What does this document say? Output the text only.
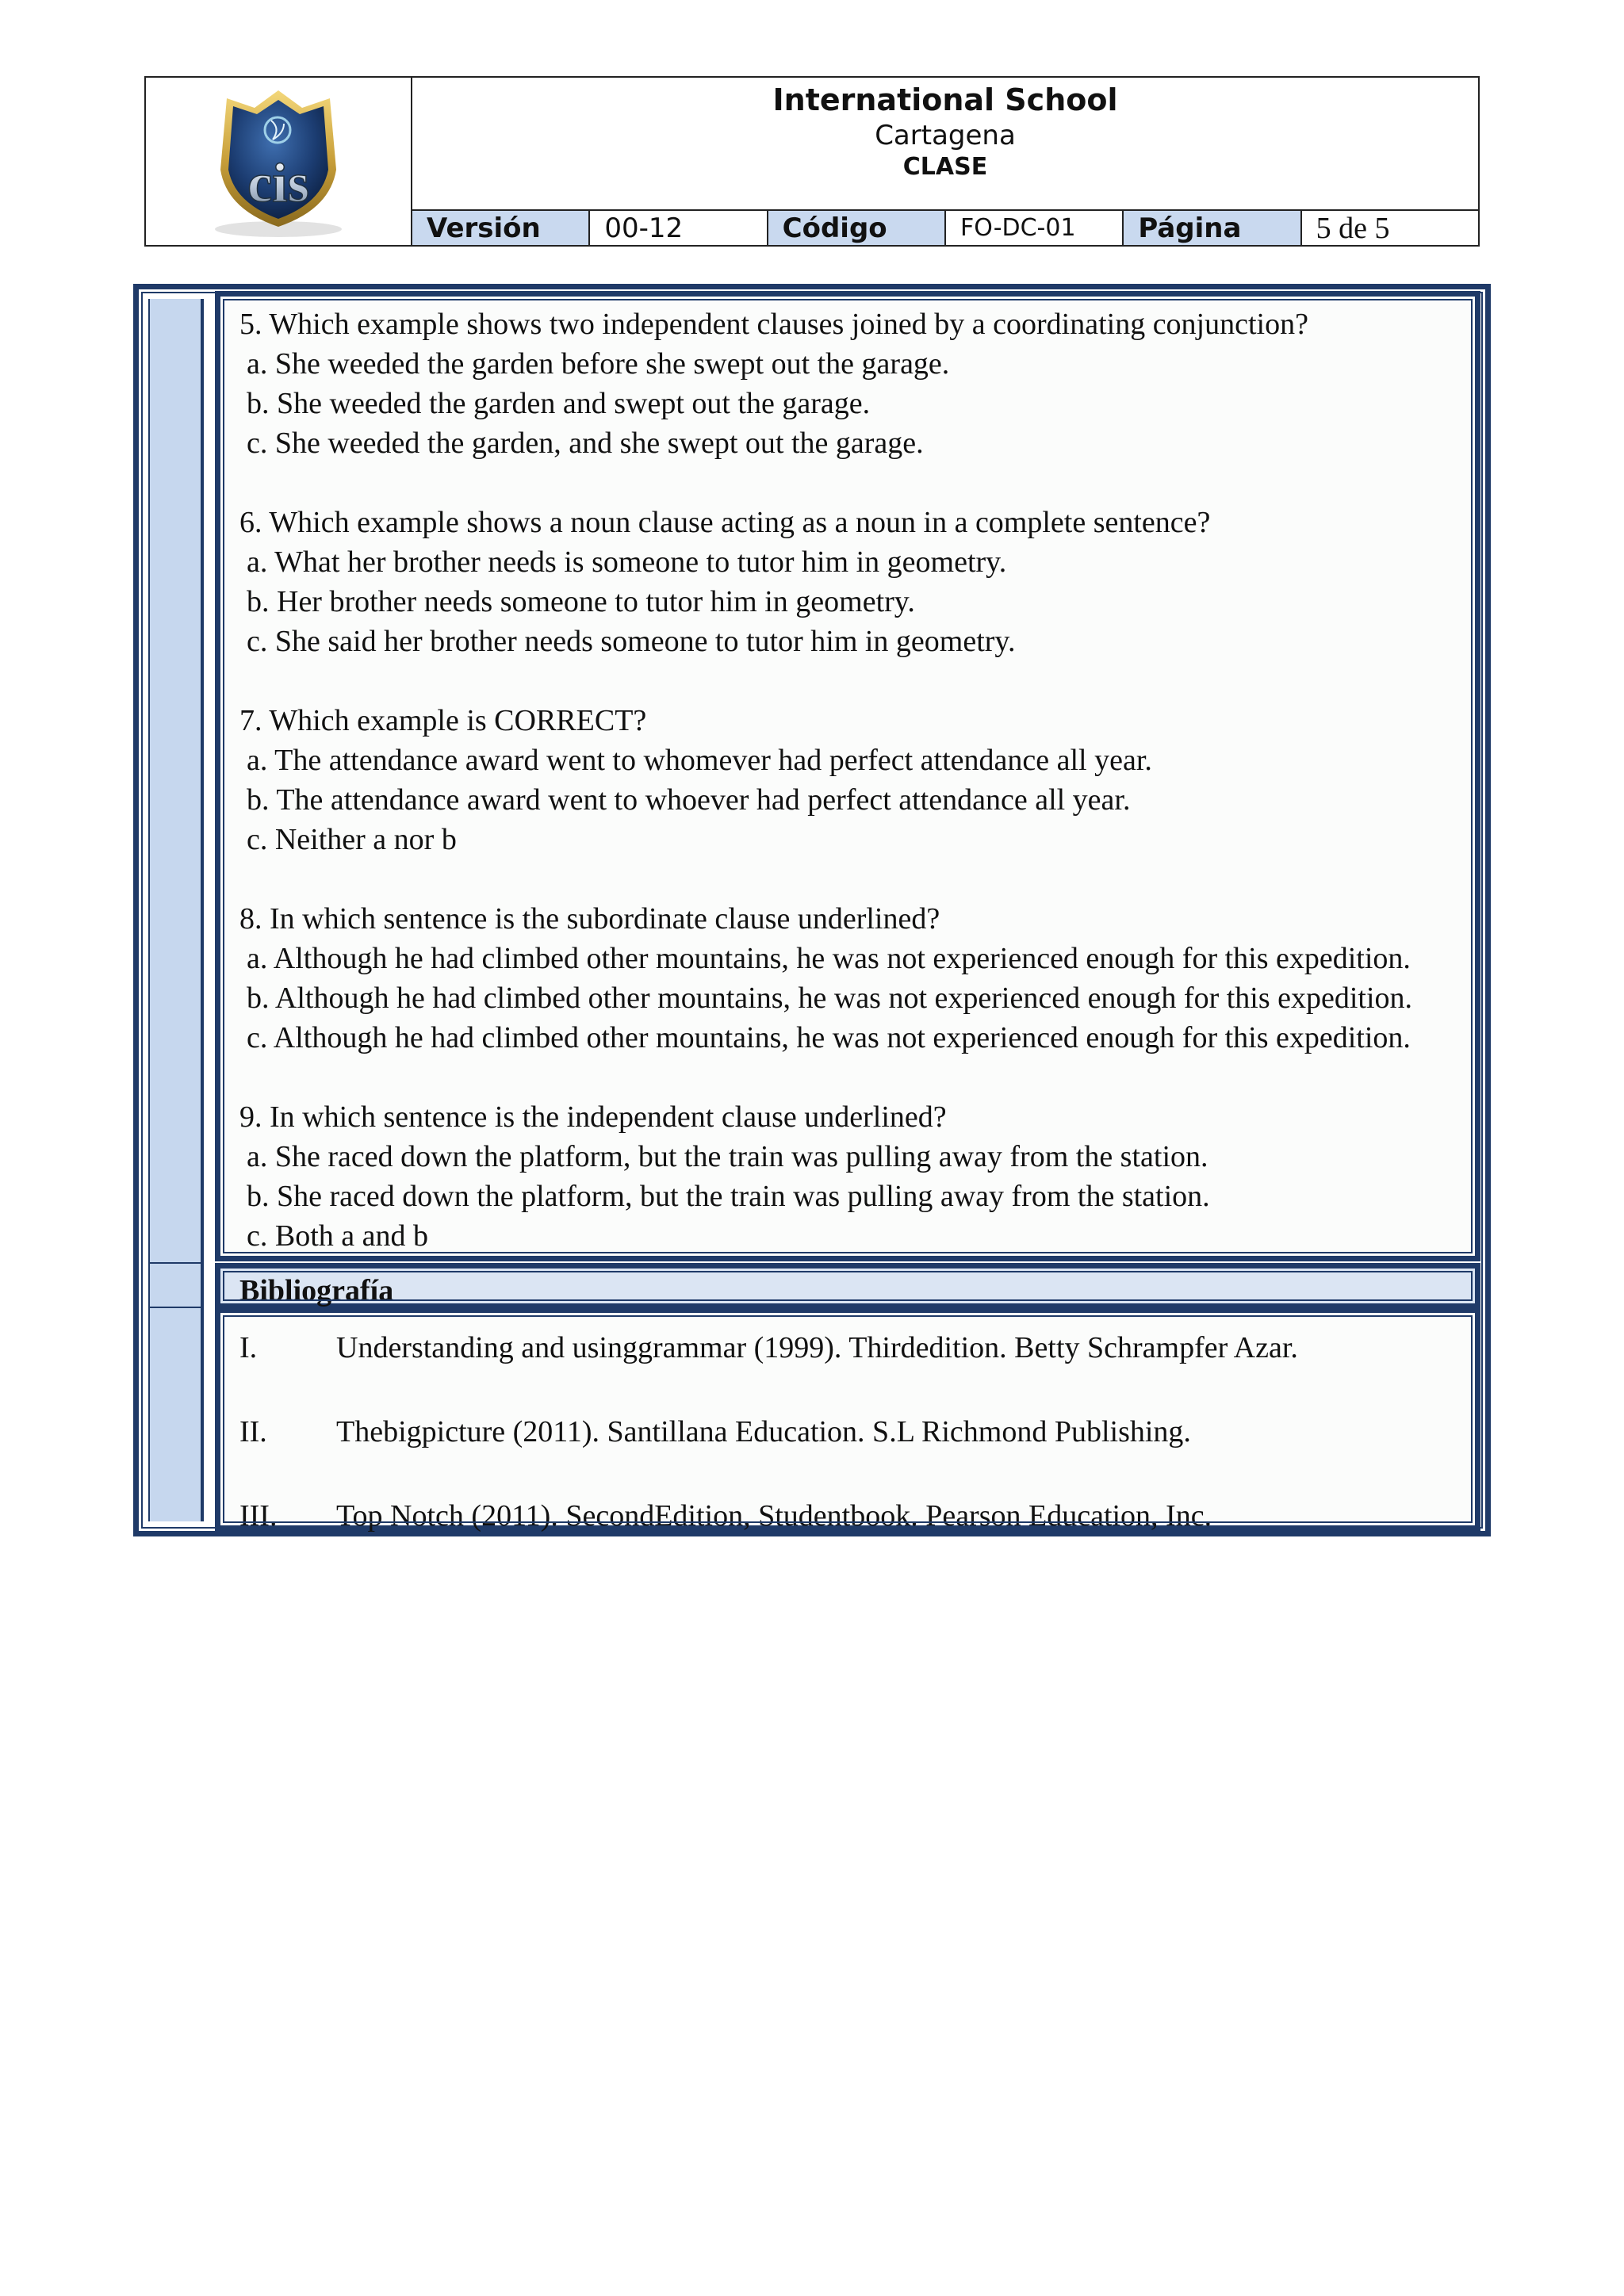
cis
International School
Cartagena
CLASE
Versión	00-12	Código	FO-DC-01	Página	5 de 5
5. Which example shows two independent clauses joined by a coordinating conjunction?
a. She weeded the garden before she swept out the garage.
b. She weeded the garden and swept out the garage.
c. She weeded the garden, and she swept out the garage.
6. Which example shows a noun clause acting as a noun in a complete sentence?
a. What her brother needs is someone to tutor him in geometry.
b. Her brother needs someone to tutor him in geometry.
c. She said her brother needs someone to tutor him in geometry.
7. Which example is CORRECT?
a. The attendance award went to whomever had perfect attendance all year.
b. The attendance award went to whoever had perfect attendance all year.
c. Neither a nor b
8. In which sentence is the subordinate clause underlined?
a. Although he had climbed other mountains, he was not experienced enough for this expedition.
b. Although he had climbed other mountains, he was not experienced enough for this expedition.
c. Although he had climbed other mountains, he was not experienced enough for this expedition.
9. In which sentence is the independent clause underlined?
a. She raced down the platform, but the train was pulling away from the station.
b. She raced down the platform, but the train was pulling away from the station.
c. Both a and b
Bibliografía
I.	Understanding and usinggrammar (1999). Thirdedition. Betty Schrampfer Azar.
II.	Thebigpicture (2011). Santillana Education. S.L Richmond Publishing.
III.	Top Notch (2011). SecondEdition, Studentbook. Pearson Education, Inc.
